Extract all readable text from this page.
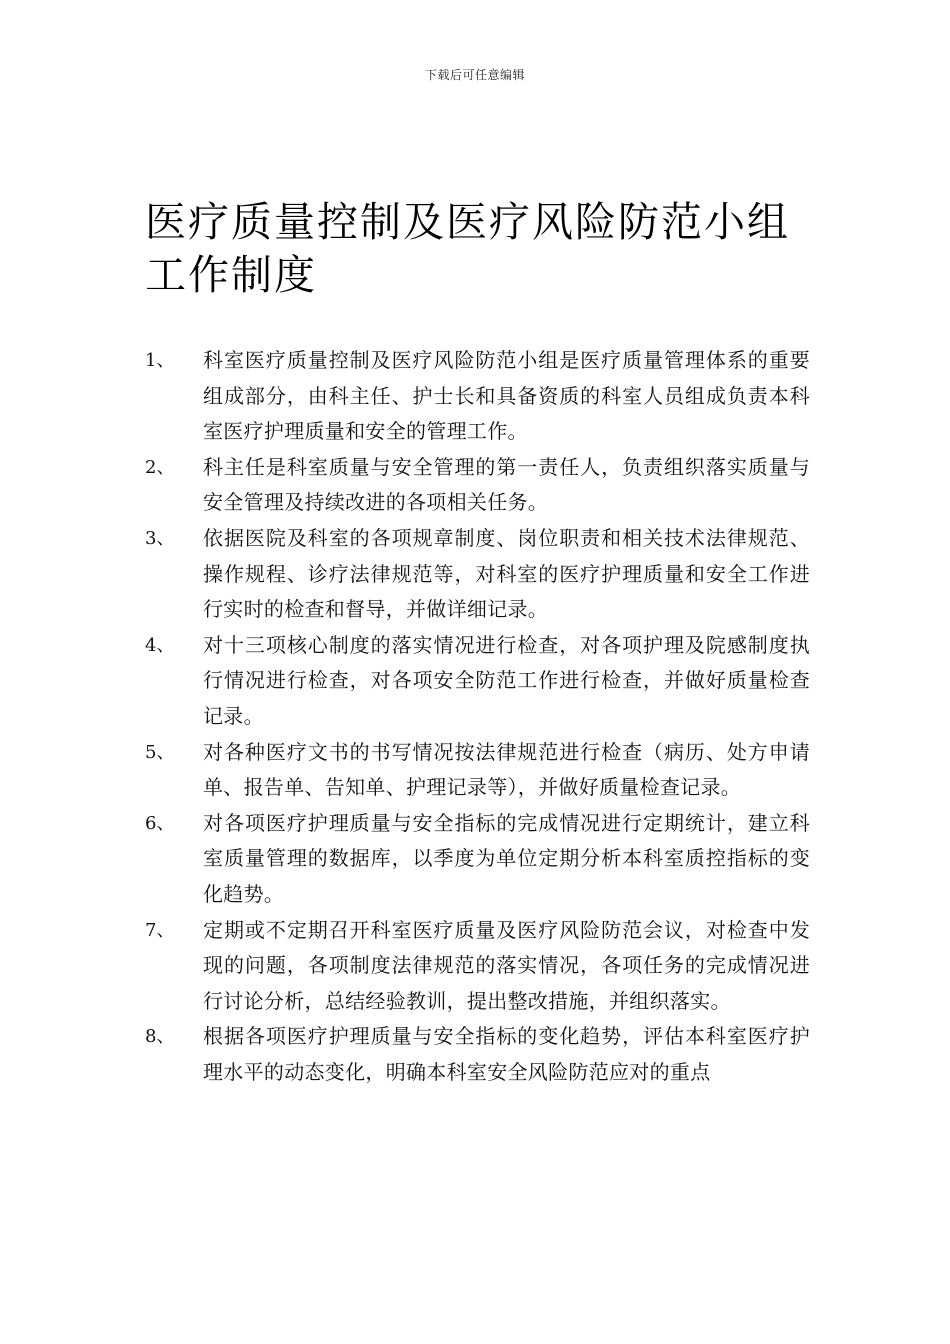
下载后可任意编辑
医疗质量控制及医疗风险防范小组工作制度
1、	科室医疗质量控制及医疗风险防范小组是医疗质量管理体系的重要组成部分，由科主任、护士长和具备资质的科室人员组成负责本科室医疗护理质量和安全的管理工作。
2、	科主任是科室质量与安全管理的第一责任人，负责组织落实质量与安全管理及持续改进的各项相关任务。
3、	依据医院及科室的各项规章制度、岗位职责和相关技术法律规范、操作规程、诊疗法律规范等，对科室的医疗护理质量和安全工作进行实时的检查和督导，并做详细记录。
4、	对十三项核心制度的落实情况进行检查，对各项护理及院感制度执行情况进行检查，对各项安全防范工作进行检查，并做好质量检查记录。
5、	对各种医疗文书的书写情况按法律规范进行检查（病历、处方申请单、报告单、告知单、护理记录等），并做好质量检查记录。
6、	对各项医疗护理质量与安全指标的完成情况进行定期统计，建立科室质量管理的数据库，以季度为单位定期分析本科室质控指标的变化趋势。
7、	定期或不定期召开科室医疗质量及医疗风险防范会议，对检查中发现的问题，各项制度法律规范的落实情况，各项任务的完成情况进行讨论分析，总结经验教训，提出整改措施，并组织落实。
8、	根据各项医疗护理质量与安全指标的变化趋势，评估本科室医疗护理水平的动态变化，明确本科室安全风险防范应对的重点
